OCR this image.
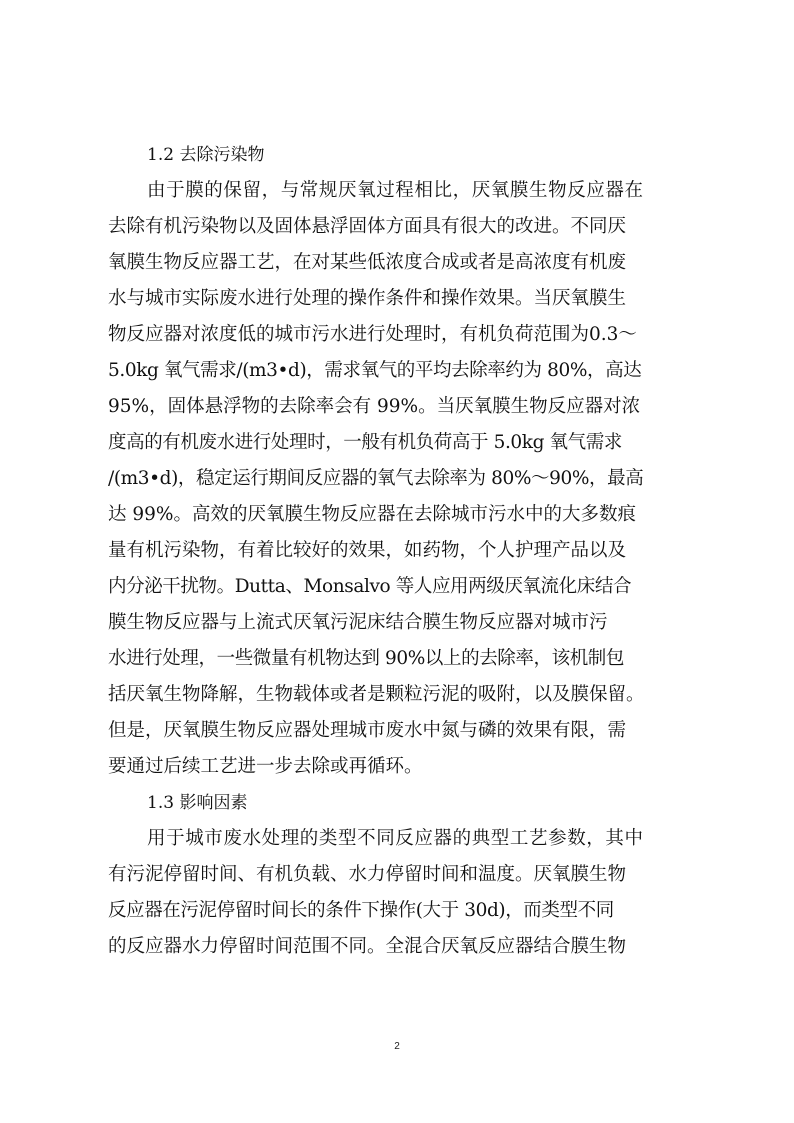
1.2 去除污染物

由于膜的保留，与常规厌氧过程相比，厌氧膜生物反应器在
去除有机污染物以及固体悬浮固体方面具有很大的改进。不同厌
氧膜生物反应器工艺，在对某些低浓度合成或者是高浓度有机废
水与城市实际废水进行处理的操作条件和操作效果。当厌氧膜生
物反应器对浓度低的城市污水进行处理时，有机负荷范围为0.3～
5.0kg 氧气需求/(m3•d)，需求氧气的平均去除率约为 80%，高达
95%，固体悬浮物的去除率会有 99%。当厌氧膜生物反应器对浓
度高的有机废水进行处理时，一般有机负荷高于 5.0kg 氧气需求
/(m3•d)，稳定运行期间反应器的氧气去除率为 80%～90%，最高
达 99%。高效的厌氧膜生物反应器在去除城市污水中的大多数痕
量有机污染物，有着比较好的效果，如药物，个人护理产品以及
内分泌干扰物。Dutta、Monsalvo 等人应用两级厌氧流化床结合
膜生物反应器与上流式厌氧污泥床结合膜生物反应器对城市污
水进行处理，一些微量有机物达到 90%以上的去除率，该机制包
括厌氧生物降解，生物载体或者是颗粒污泥的吸附，以及膜保留。
但是，厌氧膜生物反应器处理城市废水中氮与磷的效果有限，需
要通过后续工艺进一步去除或再循环。

1.3 影响因素

用于城市废水处理的类型不同反应器的典型工艺参数，其中
有污泥停留时间、有机负载、水力停留时间和温度。厌氧膜生物
反应器在污泥停留时间长的条件下操作(大于 30d)，而类型不同
的反应器水力停留时间范围不同。全混合厌氧反应器结合膜生物

2
